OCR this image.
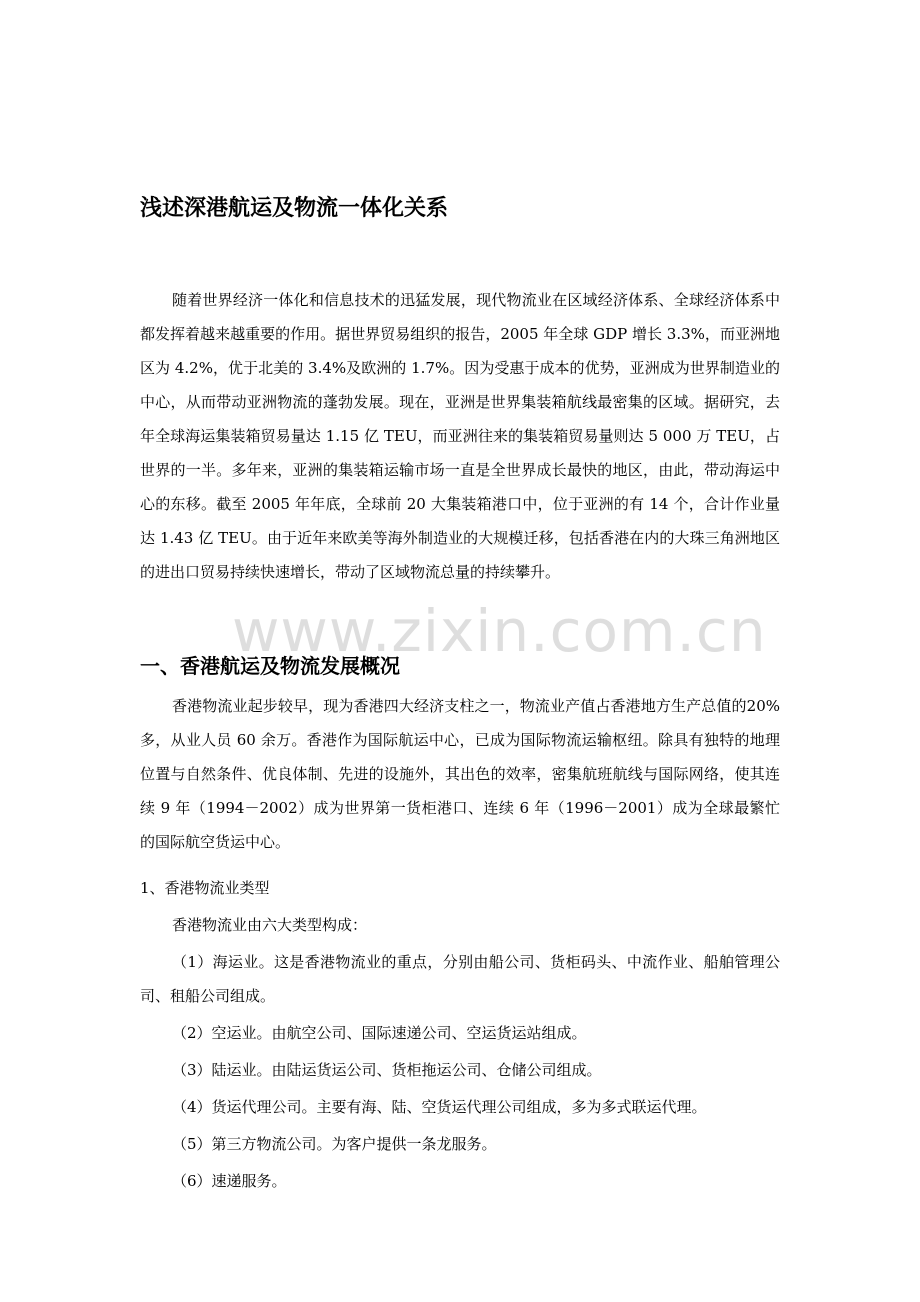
www.zixin.com.cn
浅述深港航运及物流一体化关系

随着世界经济一体化和信息技术的迅猛发展，现代物流业在区域经济体系、全球经济体系中都发挥着越来越重要的作用。据世界贸易组织的报告，2005 年全球 GDP 增长 3.3%，而亚洲地区为 4.2%，优于北美的 3.4%及欧洲的 1.7%。因为受惠于成本的优势，亚洲成为世界制造业的中心，从而带动亚洲物流的蓬勃发展。现在，亚洲是世界集装箱航线最密集的区域。据研究，去年全球海运集装箱贸易量达 1.15 亿 TEU，而亚洲往来的集装箱贸易量则达 5 000 万 TEU，占世界的一半。多年来，亚洲的集装箱运输市场一直是全世界成长最快的地区，由此，带动海运中心的东移。截至 2005 年年底，全球前 20 大集装箱港口中，位于亚洲的有 14 个，合计作业量达 1.43 亿 TEU。由于近年来欧美等海外制造业的大规模迁移，包括香港在内的大珠三角洲地区的进出口贸易持续快速增长，带动了区域物流总量的持续攀升。

一、香港航运及物流发展概况

香港物流业起步较早，现为香港四大经济支柱之一，物流业产值占香港地方生产总值的20%多，从业人员 60 余万。香港作为国际航运中心，已成为国际物流运输枢纽。除具有独特的地理位置与自然条件、优良体制、先进的设施外，其出色的效率，密集航班航线与国际网络，使其连续 9 年（1994－2002）成为世界第一货柜港口、连续 6 年（1996－2001）成为全球最繁忙的国际航空货运中心。

1、香港物流业类型

香港物流业由六大类型构成：

（1）海运业。这是香港物流业的重点，分别由船公司、货柜码头、中流作业、船舶管理公司、租船公司组成。

（2）空运业。由航空公司、国际速递公司、空运货运站组成。

（3）陆运业。由陆运货运公司、货柜拖运公司、仓储公司组成。

（4）货运代理公司。主要有海、陆、空货运代理公司组成，多为多式联运代理。

（5）第三方物流公司。为客户提供一条龙服务。

（6）速递服务。
